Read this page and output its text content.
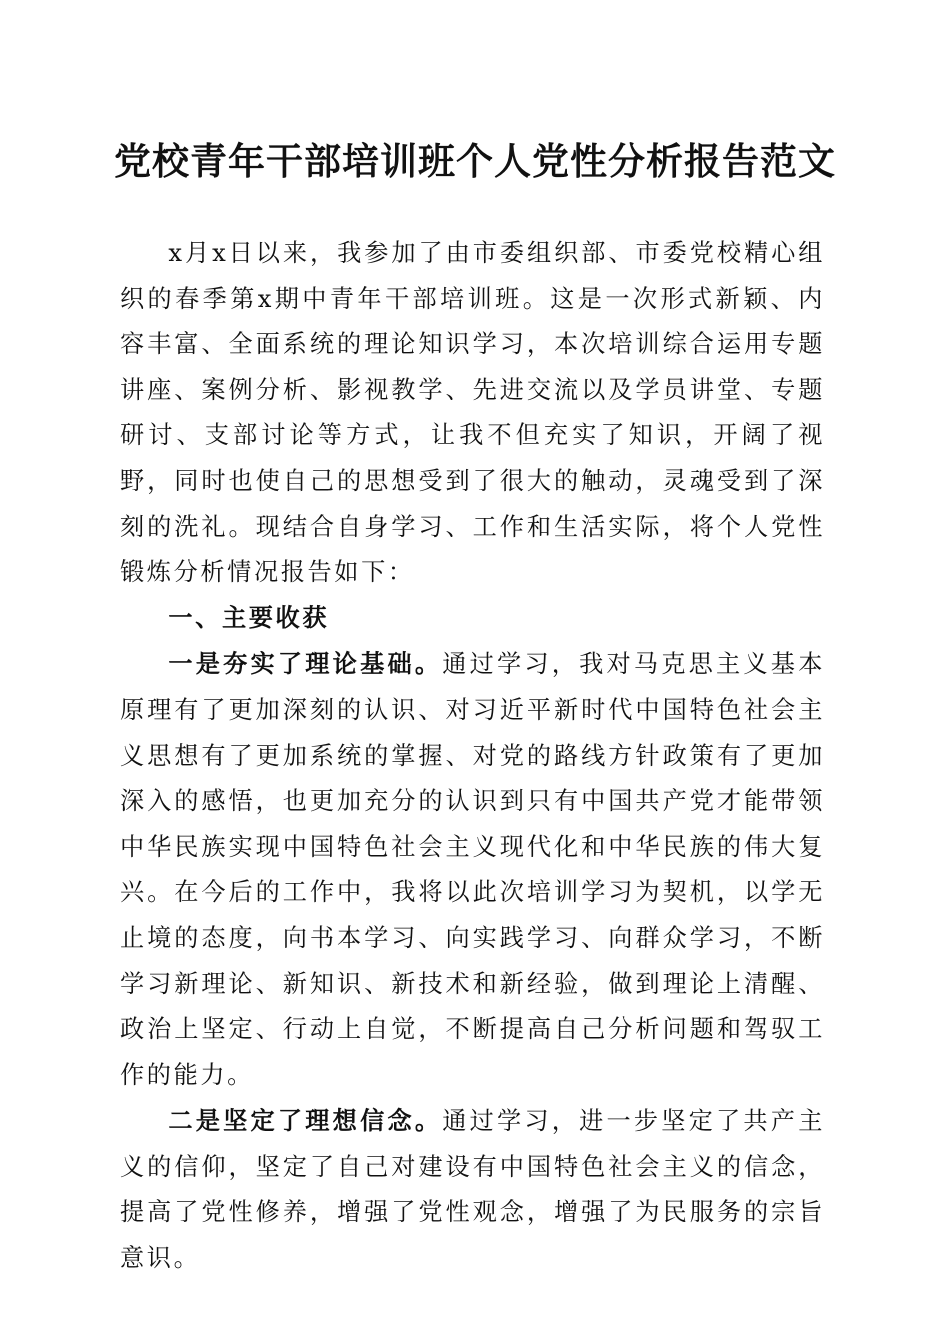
党校青年干部培训班个人党性分析报告范文

x月x日以来，我参加了由市委组织部、市委党校精心组织的春季第x期中青年干部培训班。这是一次形式新颖、内容丰富、全面系统的理论知识学习，本次培训综合运用专题讲座、案例分析、影视教学、先进交流以及学员讲堂、专题研讨、支部讨论等方式，让我不但充实了知识，开阔了视野，同时也使自己的思想受到了很大的触动，灵魂受到了深刻的洗礼。现结合自身学习、工作和生活实际，将个人党性锻炼分析情况报告如下：

一、主要收获

一是夯实了理论基础。通过学习，我对马克思主义基本原理有了更加深刻的认识、对习近平新时代中国特色社会主义思想有了更加系统的掌握、对党的路线方针政策有了更加深入的感悟，也更加充分的认识到只有中国共产党才能带领中华民族实现中国特色社会主义现代化和中华民族的伟大复兴。在今后的工作中，我将以此次培训学习为契机，以学无止境的态度，向书本学习、向实践学习、向群众学习，不断学习新理论、新知识、新技术和新经验，做到理论上清醒、政治上坚定、行动上自觉，不断提高自己分析问题和驾驭工作的能力。

二是坚定了理想信念。通过学习，进一步坚定了共产主义的信仰，坚定了自己对建设有中国特色社会主义的信念，提高了党性修养，增强了党性观念，增强了为民服务的宗旨意识。
